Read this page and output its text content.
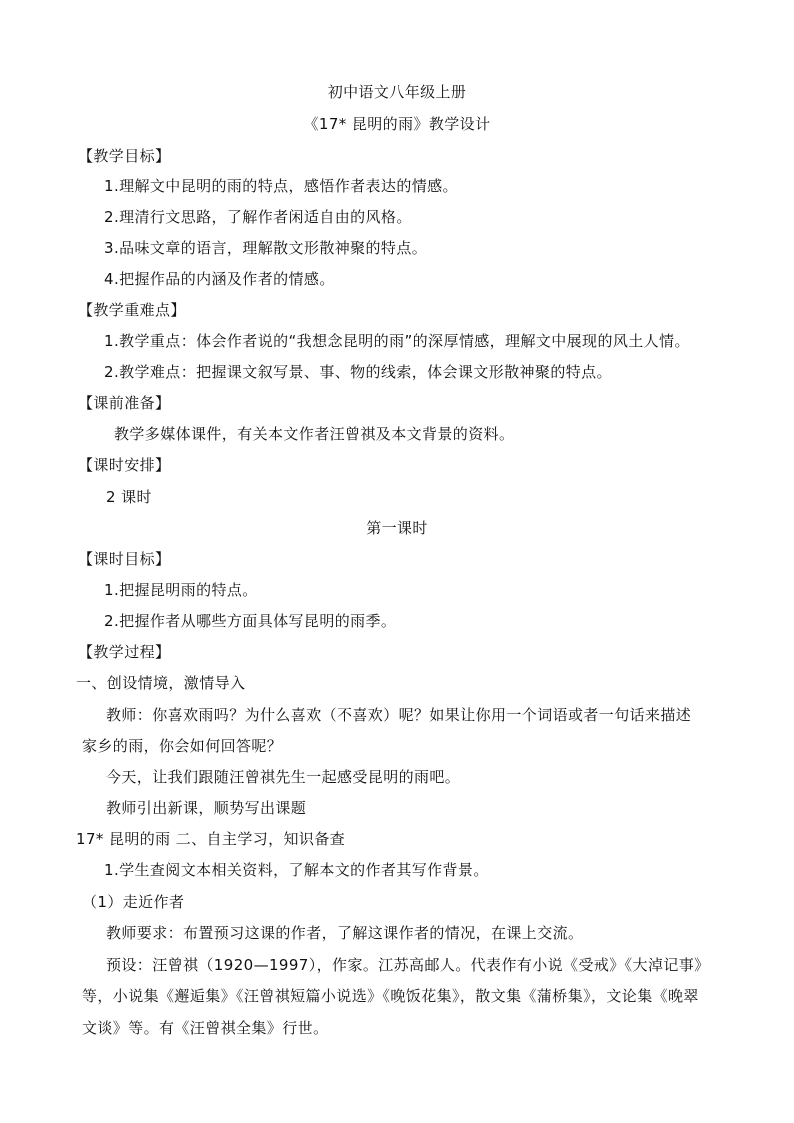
初中语文八年级上册
《17* 昆明的雨》教学设计
【教学目标】
1.理解文中昆明的雨的特点，感悟作者表达的情感。
2.理清行文思路，了解作者闲适自由的风格。
3.品味文章的语言，理解散文形散神聚的特点。
4.把握作品的内涵及作者的情感。
【教学重难点】
1.教学重点：体会作者说的“我想念昆明的雨”的深厚情感，理解文中展现的风土人情。
2.教学难点：把握课文叙写景、事、物的线索，体会课文形散神聚的特点。
【课前准备】
教学多媒体课件，有关本文作者汪曾祺及本文背景的资料。
【课时安排】
2 课时
第一课时
【课时目标】
1.把握昆明雨的特点。
2.把握作者从哪些方面具体写昆明的雨季。
【教学过程】
一、创设情境，激情导入
教师：你喜欢雨吗？为什么喜欢（不喜欢）呢？如果让你用一个词语或者一句话来描述
家乡的雨，你会如何回答呢？
今天，让我们跟随汪曾祺先生一起感受昆明的雨吧。
教师引出新课，顺势写出课题
17* 昆明的雨 二、自主学习，知识备查
1.学生查阅文本相关资料，了解本文的作者其写作背景。
（1）走近作者
教师要求：布置预习这课的作者，了解这课作者的情况，在课上交流。
预设：汪曾祺（1920—1997），作家。江苏高邮人。代表作有小说《受戒》《大淖记事》
等，小说集《邂逅集》《汪曾祺短篇小说选》《晚饭花集》，散文集《蒲桥集》，文论集《晚翠
文谈》等。有《汪曾祺全集》行世。
